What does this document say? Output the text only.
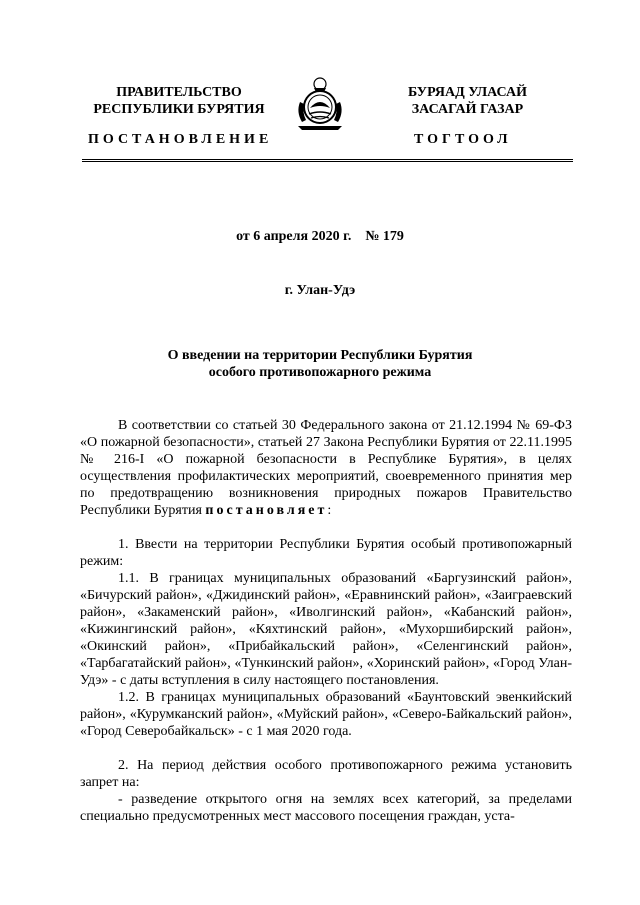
ПРАВИТЕЛЬСТВО
РЕСПУБЛИКИ БУРЯТИЯ
БУРЯАД УЛАСАЙ
ЗАСАГАЙ ГАЗАР
ПОСТАНОВЛЕНИЕ	ТОГТООЛ
от 6 апреля 2020 г.    № 179
г. Улан-Удэ
О введении на территории Республики Бурятия
особого противопожарного режима

В соответствии со статьей 30 Федерального закона от 21.12.1994 № 69-ФЗ «О пожарной безопасности», статьей 27 Закона Республики Бурятия от 22.11.1995 № 216-I «О пожарной безопасности в Республике Бурятия», в целях осуществления профилактических мероприятий, своевременного принятия мер по предотвращению возникновения природных пожаров Правительство Республики Бурятия постановляет:

1. Ввести на территории Республики Бурятия особый противопожарный режим:

1.1. В границах муниципальных образований «Баргузинский район», «Бичурский район», «Джидинский район», «Еравнинский район», «Заиграевский район», «Закаменский район», «Иволгинский район», «Кабанский район», «Кижингинский район», «Кяхтинский район», «Мухоршибирский район», «Окинский район», «Прибайкальский район», «Селенгинский район», «Тарбагатайский район», «Тункинский район», «Хоринский район», «Город Улан-Удэ» - с даты вступления в силу настоящего постановления.

1.2. В границах муниципальных образований «Баунтовский эвенкийский район», «Курумканский район», «Муйский район», «Северо-Байкальский район», «Город Северобайкальск» - с 1 мая 2020 года.

2. На период действия особого противопожарного режима установить запрет на:

- разведение открытого огня на землях всех категорий, за пределами специально предусмотренных мест массового посещения граждан, уста-
